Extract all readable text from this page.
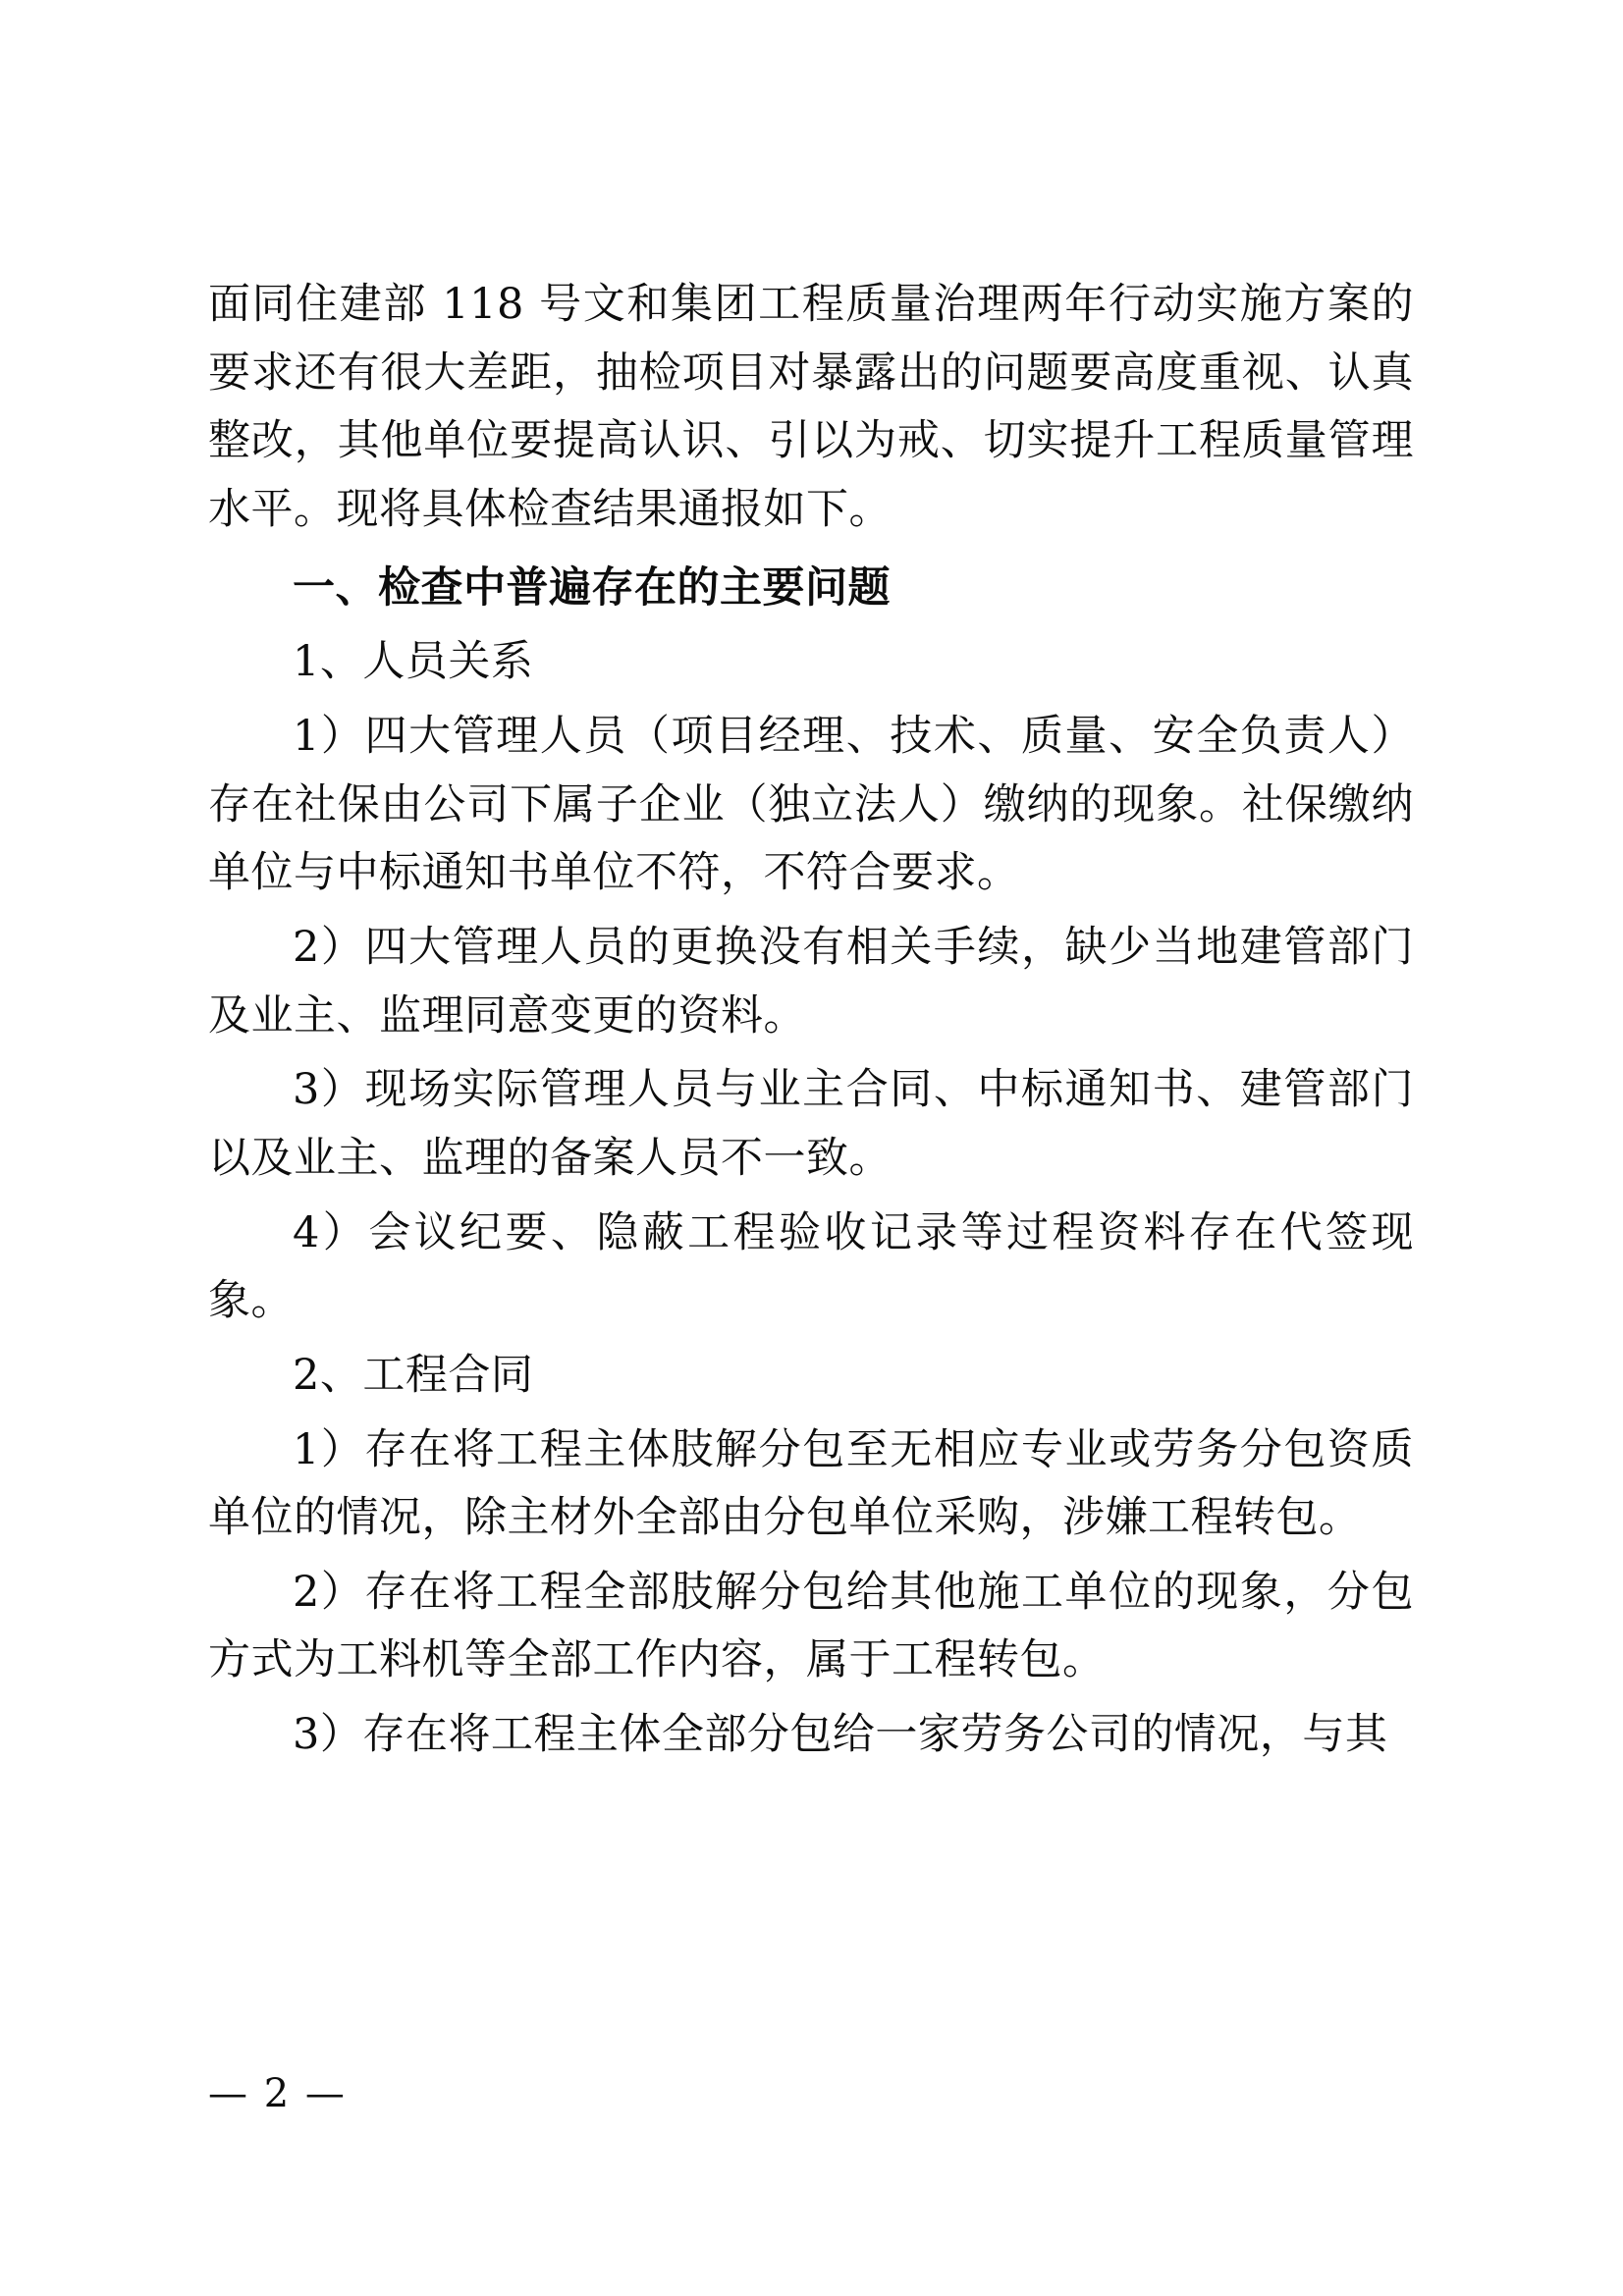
面同住建部 118 号文和集团工程质量治理两年行动实施方案的要求还有很大差距，抽检项目对暴露出的问题要高度重视、认真整改，其他单位要提高认识、引以为戒、切实提升工程质量管理水平。现将具体检查结果通报如下。

一、检查中普遍存在的主要问题

1、人员关系

1）四大管理人员（项目经理、技术、质量、安全负责人）存在社保由公司下属子企业（独立法人）缴纳的现象。社保缴纳单位与中标通知书单位不符，不符合要求。

2）四大管理人员的更换没有相关手续，缺少当地建管部门及业主、监理同意变更的资料。

3）现场实际管理人员与业主合同、中标通知书、建管部门以及业主、监理的备案人员不一致。

4）会议纪要、隐蔽工程验收记录等过程资料存在代签现象。

2、工程合同

1）存在将工程主体肢解分包至无相应专业或劳务分包资质单位的情况，除主材外全部由分包单位采购，涉嫌工程转包。

2）存在将工程全部肢解分包给其他施工单位的现象，分包方式为工料机等全部工作内容，属于工程转包。

3）存在将工程主体全部分包给一家劳务公司的情况，与其

— 2 —
